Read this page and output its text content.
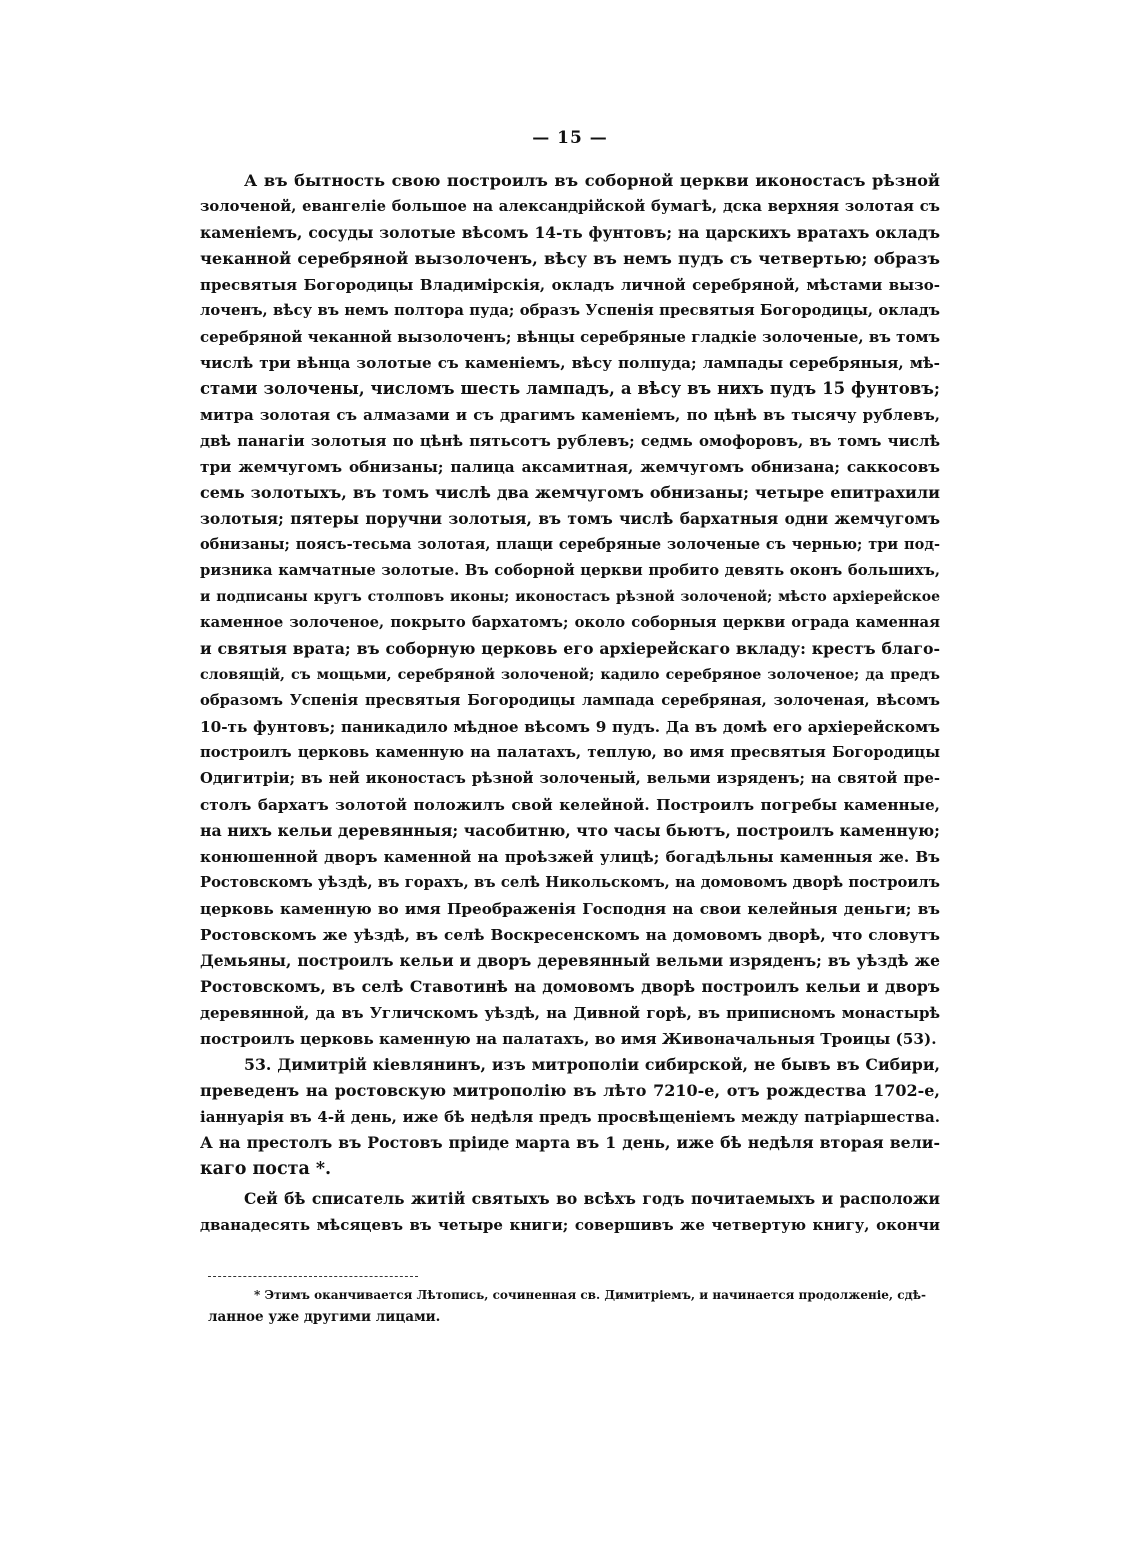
— 15 —
А въ бытность свою построилъ въ соборной церкви иконостасъ рѣзной
золоченой, евангеліе большое на александрійской бумагѣ, дска верхняя золотая съ
каменіемъ, сосуды золотые вѣсомъ 14-ть фунтовъ; на царскихъ вратахъ окладъ
чеканной серебряной вызолоченъ, вѣсу въ немъ пудъ съ четвертью; образъ
пресвятыя Богородицы Владимірскія, окладъ личной серебряной, мѣстами вызо-
лоченъ, вѣсу въ немъ полтора пуда; образъ Успенія пресвятыя Богородицы, окладъ
серебряной чеканной вызолоченъ; вѣнцы серебряные гладкіе золоченые, въ томъ
числѣ три вѣнца золотые съ каменіемъ, вѣсу полпуда; лампады серебряныя, мѣ-
стами золочены, числомъ шесть лампадъ, а вѣсу въ нихъ пудъ 15 фунтовъ;
митра золотая съ алмазами и съ драгимъ каменіемъ, по цѣнѣ въ тысячу рублевъ,
двѣ панагіи золотыя по цѣнѣ пятьсотъ рублевъ; седмь омофоровъ, въ томъ числѣ
три жемчугомъ обнизаны; палица аксамитная, жемчугомъ обнизана; саккосовъ
семь золотыхъ, въ томъ числѣ два жемчугомъ обнизаны; четыре епитрахили
золотыя; пятеры поручни золотыя, въ томъ числѣ бархатныя одни жемчугомъ
обнизаны; поясъ-тесьма золотая, плащи серебряные золоченые съ чернью; три под-
ризника камчатные золотые. Въ соборной церкви пробито девять оконъ большихъ,
и подписаны кругъ столповъ иконы; иконостасъ рѣзной золоченой; мѣсто архіерейское
каменное золоченое, покрыто бархатомъ; около соборныя церкви ограда каменная
и святыя врата; въ соборную церковь его архіерейскаго вкладу: крестъ благо-
словящій, съ мощьми, серебряной золоченой; кадило серебряное золоченое; да предъ
образомъ Успенія пресвятыя Богородицы лампада серебряная, золоченая, вѣсомъ
10-ть фунтовъ; паникадило мѣдное вѣсомъ 9 пудъ. Да въ домѣ его архіерейскомъ
построилъ церковь каменную на палатахъ, теплую, во имя пресвятыя Богородицы
Одигитріи; въ ней иконостасъ рѣзной золоченый, вельми изряденъ; на святой пре-
столъ бархатъ золотой положилъ свой келейной. Построилъ погребы каменные,
на нихъ кельи деревянныя; часобитню, что часы бьютъ, построилъ каменную;
конюшенной дворъ каменной на проѣзжей улицѣ; богадѣльны каменныя же. Въ
Ростовскомъ уѣздѣ, въ горахъ, въ селѣ Никольскомъ, на домовомъ дворѣ построилъ
церковь каменную во имя Преображенія Господня на свои келейныя деньги; въ
Ростовскомъ же уѣздѣ, въ селѣ Воскресенскомъ на домовомъ дворѣ, что словутъ
Демьяны, построилъ кельи и дворъ деревянный вельми изряденъ; въ уѣздѣ же
Ростовскомъ, въ селѣ Ставотинѣ на домовомъ дворѣ построилъ кельи и дворъ
деревянной, да въ Угличскомъ уѣздѣ, на Дивной горѣ, въ приписномъ монастырѣ
построилъ церковь каменную на палатахъ, во имя Живоначальныя Троицы (53).
53. Димитрій кіевлянинъ, изъ митрополіи сибирской, не бывъ въ Сибири,
преведенъ на ростовскую митрополію въ лѣто 7210-е, отъ рождества 1702-е,
іаннуарія въ 4-й день, иже бѣ недѣля предъ просвѣщеніемъ между патріаршества.
А на престолъ въ Ростовъ пріиде марта въ 1 день, иже бѣ недѣля вторая вели-
каго поста *.
Сей бѣ списатель житій святыхъ во всѣхъ годъ почитаемыхъ и расположи
дванадесять мѣсяцевъ въ четыре книги; совершивъ же четвертую книгу, окончи
* Этимъ оканчивается Лѣтопись, сочиненная св. Димитріемъ, и начинается продолженіе, сдѣ-
ланное уже другими лицами.
